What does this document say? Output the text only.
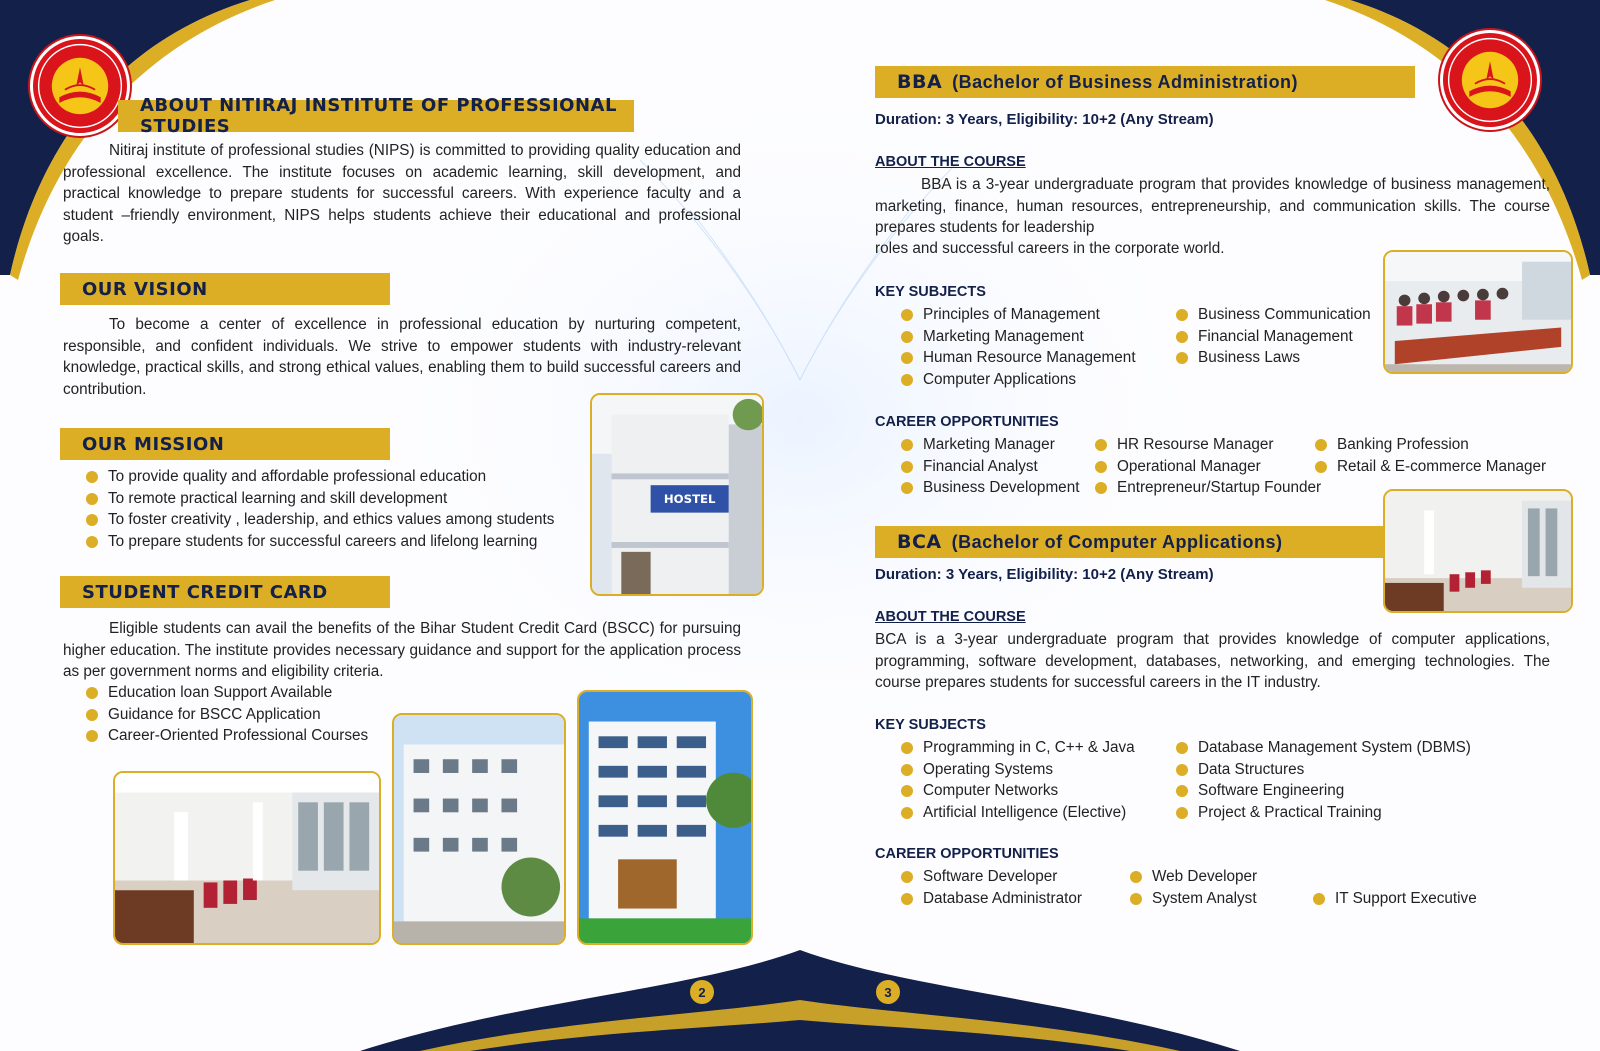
ABOUT NITIRAJ INSTITUTE OF PROFESSIONAL STUDIES

Nitiraj institute of professional studies (NIPS) is committed to providing quality education and professional excellence. The institute focuses on academic learning, skill development, and practical knowledge to prepare students for successful careers. With experience faculty and a student –friendly environment, NIPS helps students achieve their educational and professional goals.

OUR VISION

To become a center of excellence in professional education by nurturing competent, responsible, and confident individuals. We strive to empower students with industry-relevant knowledge, practical skills, and strong ethical values, enabling them to build successful careers and contribution.

OUR MISSION
To provide quality and affordable professional education
To remote practical learning and skill development
To foster creativity , leadership, and ethics values among students
To prepare students for successful careers and lifelong learning
STUDENT CREDIT CARD

Eligible students can avail the benefits of the Bihar Student Credit Card (BSCC) for pursuing higher education. The institute provides necessary guidance and support for the application process as per government norms and eligibility criteria.

Education loan Support Available
Guidance for BSCC Application
Career-Oriented Professional Courses
HOSTEL
2
BBA (Bachelor of Business Administration)
Duration: 3 Years, Eligibility: 10+2 (Any Stream)
ABOUT THE COURSE

BBA is a 3-year undergraduate program that provides knowledge of business management, marketing, finance, human resources, entrepreneurship, and communication skills. The course prepares students for leadership

roles and successful careers in the corporate world.

KEY SUBJECTS
Principles of Management
Marketing Management
Human Resource Management
Computer Applications
Business Communication
Financial Management
Business Laws
CAREER OPPORTUNITIES
Marketing Manager
Financial Analyst
Business Development
HR Resourse Manager
Operational Manager
Entrepreneur/Startup Founder
Banking Profession
Retail & E-commerce Manager
BCA (Bachelor of Computer Applications)
Duration: 3 Years, Eligibility: 10+2 (Any Stream)
ABOUT THE COURSE

BCA is a 3-year undergraduate program that provides knowledge of computer applications, programming, software development, databases, networking, and emerging technologies. The course prepares students for successful careers in the IT industry.

KEY SUBJECTS
Programming in C, C++ & Java
Operating Systems
Computer Networks
Artificial Intelligence (Elective)
Database Management System (DBMS)
Data Structures
Software Engineering
Project & Practical Training
CAREER OPPORTUNITIES
Software Developer
Database Administrator
Web Developer
System Analyst	IT Support Executive
3
